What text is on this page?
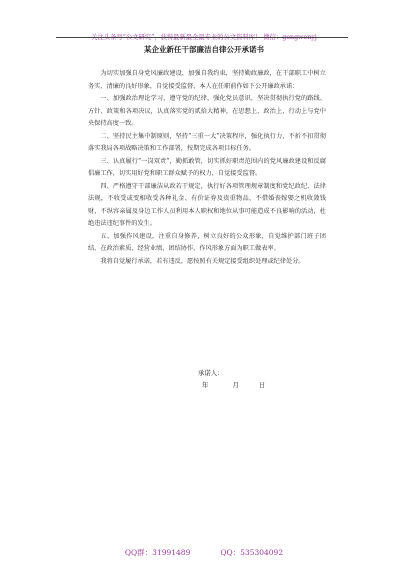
关注头条号“公文研究”，获得最新最全最专业的公文资料库！ 微信：gongwenyj
某企业新任干部廉洁自律公开承诺书

为切实加强自身党风廉政建设，加强自我约束，坚持勤政廉政，在干部职工中树立务实、清廉的良好形象，自觉接受监督，本人在任职前作如下公开廉政承诺：

一、加强政治理论学习，遵守党的纪律，强化党员意识，坚决贯彻执行党的路线、方针、政策和各项决议，认真落实党的贰拾大精神，在思想上、政治上、行动上与党中央保持高度一致。

二、坚持民主集中制原则，坚持“三重一大”决策程序，强化执行力，不折不扣贯彻落实我局各项战略决策和工作部署，按期完成各项目标任务。

三、认真履行“一岗双责”，勤抓敢管，切实抓好职责范围内的党风廉政建设和反腐倡廉工作，切实用好党和职工群众赋予的权力，自觉接受监督。

四、严格遵守干部廉洁从政若干规定，执行好各项管理规章制度和党纪政纪、法律法规，不收受或变相收受各种礼金、有价证券及贵重物品，不借婚丧嫁娶之机收敛钱财，不纵容亲属及身边工作人员利用本人职权和地位从事可能造成不良影响的活动，杜绝违法违纪事件的发生。

五、加强作风建设，注重自身修养，树立良好的公众形象，自觉维护部门班子团结，在政治素质、经营业绩、团结协作、作风形象方面为职工做表率。

我将自觉履行承诺，若有违反，愿按照有关规定接受组织处理或纪律处分。

承诺人：
年	月	日
QQ群：31991489	QQ：535304092
